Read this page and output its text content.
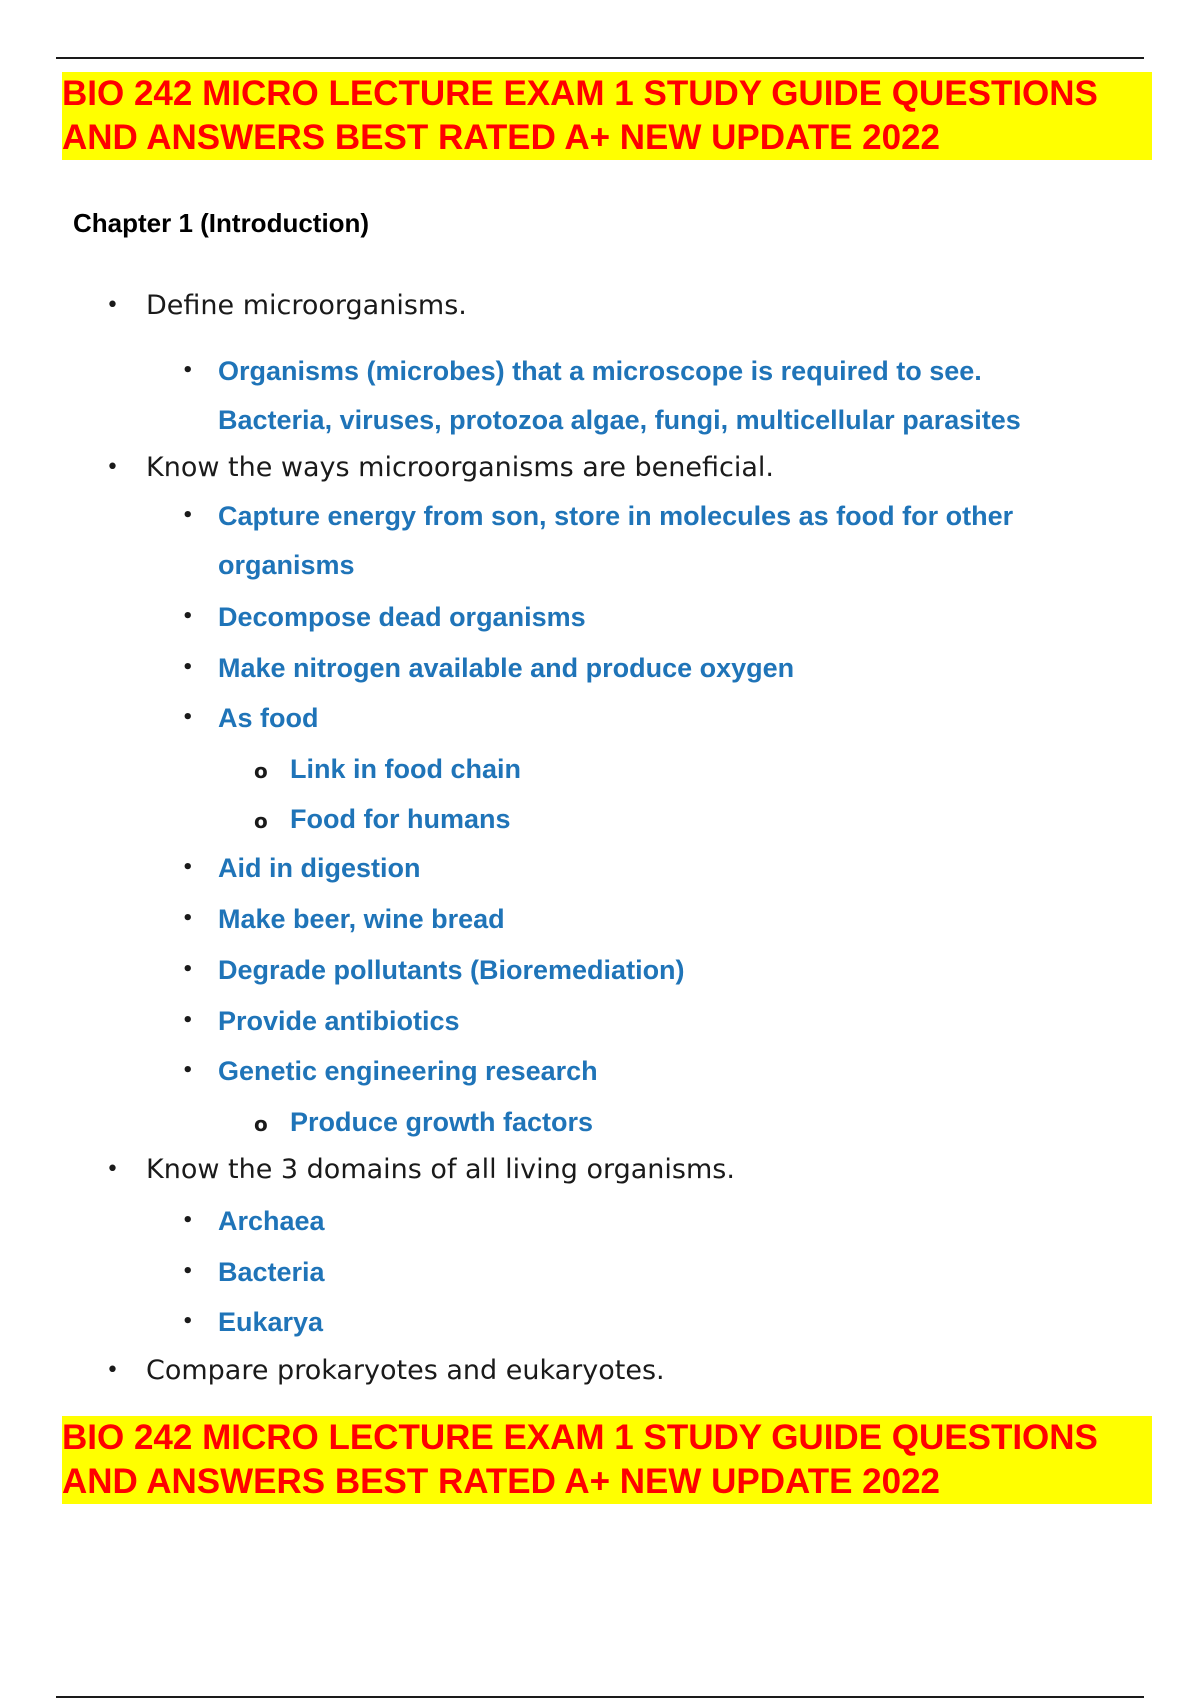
BIO 242 MICRO LECTURE EXAM 1 STUDY GUIDE QUESTIONS
AND ANSWERS BEST RATED A+ NEW UPDATE 2022
Chapter 1 (Introduction)

• Define microorganisms.

• Organisms (microbes) that a microscope is required to see.

Bacteria, viruses, protozoa algae, fungi, multicellular parasites

• Know the ways microorganisms are beneficial.

• Capture energy from son, store in molecules as food for other

organisms

• Decompose dead organisms

• Make nitrogen available and produce oxygen

• As food

o Link in food chain

o Food for humans

• Aid in digestion

• Make beer, wine bread

• Degrade pollutants (Bioremediation)

• Provide antibiotics

• Genetic engineering research

o Produce growth factors

• Know the 3 domains of all living organisms.

• Archaea

• Bacteria

• Eukarya

• Compare prokaryotes and eukaryotes.

BIO 242 MICRO LECTURE EXAM 1 STUDY GUIDE QUESTIONS
AND ANSWERS BEST RATED A+ NEW UPDATE 2022
